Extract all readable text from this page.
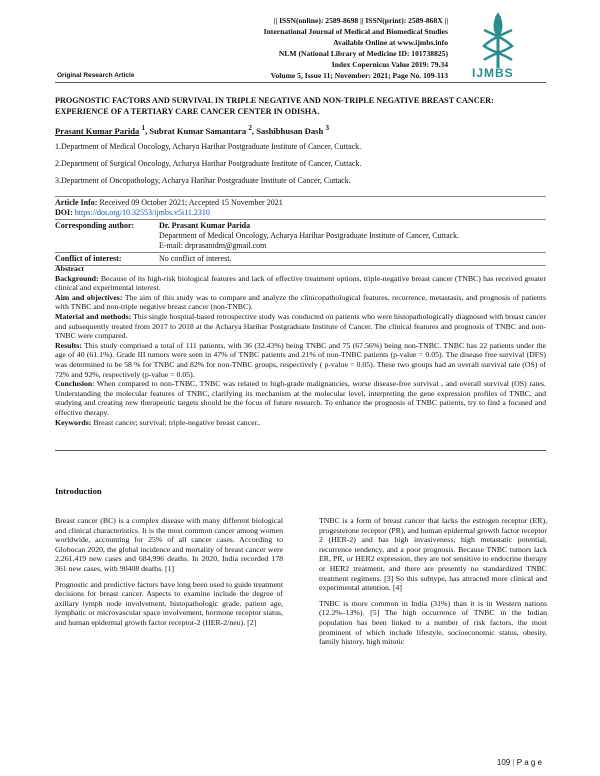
|| ISSN(online): 2589-8698 || ISSN(print): 2589-868X ||
International Journal of Medical and Biomedical Studies
Available Online at www.ijmbs.info
NLM (National Library of Medicine ID: 101738825)
Index Copernicus Value 2019: 79.34
Volume 5, Issue 11; November: 2021; Page No. 109-113 IJMBS
Original Research Article
PROGNOSTIC FACTORS AND SURVIVAL IN TRIPLE NEGATIVE AND NON-TRIPLE NEGATIVE BREAST CANCER: EXPERIENCE OF A TERTIARY CARE CANCER CENTER IN ODISHA.
Prasant Kumar Parida $^1$, Subrat Kumar Samantara $^2$, Sashibhusan Dash $^3$
1.Department of Medical Oncology, Acharya Harihar Postgraduate Institute of Cancer, Cuttack.
2.Department of Surgical Oncology, Acharya Harihar Postgraduate Institute of Cancer, Cuttack.
3.Department of Oncopathology, Acharya Harihar Postgraduate Institute of Cancer, Cuttack.
Article Info: Received 09 October 2021; Accepted 15 November 2021
DOI: https://doi.org/10.32553/ijmbs.v5i11.2310
Corresponding author:	Dr. Prasant Kumar Parida
Department of Medical Oncology, Acharya Harihar Postgraduate Institute of Cancer, Cuttack.
E-mail: drprasantdm@gmail.com
Conflict of interest:	No conflict of interest.

Abstract

Background: Because of its high-risk biological features and lack of effective treatment options, triple-negative breast cancer (TNBC) has received greater clinical and experimental interest.

Aim and objectives: The aim of this study was to compare and analyze the clinicopathological features, recurrence, metastasis, and prognosis of patients with TNBC and non-triple negative breast cancer (non-TNBC).

Material and methods: This single hospital-based retrospective study was conducted on patients who were histopathologically diagnosed with breast cancer and subsequently treated from 2017 to 2018 at the Acharya Harihar Postgraduate Institute of Cancer. The clinical features and prognosis of TNBC and non-TNBC were compared.

Results: This study comprised a total of 111 patients, with 36 (32.43%) being TNBC and 75 (67.56%) being non-TNBC. TNBC has 22 patients under the age of 40 (61.1%). Grade III tumors were seen in 47% of TNBC patients and 21% of non-TNBC patients (p-value = 0.05). The disease free survival (DFS) was determined to be 58 % for TNBC and 82% for non-TNBC groups, respectively ( p-value = 0.05). These two groups had an overall survival rate (OS) of 72% and 92%, respectively (p-value = 0.05).

Conclusion: When compared to non-TNBC, TNBC was related to high-grade malignancies, worse disease-free survival , and overall survival (OS) rates. Understanding the molecular features of TNBC, clarifying its mechanism at the molecular level, interpreting the gene expression profiles of TNBC, and studying and creating new therapeutic targets should be the focus of future research. To enhance the prognosis of TNBC patients, try to find a focused and effective therapy.

Keywords: Breast cancer; survival; triple-negative breast cancer..

Introduction

Breast cancer (BC) is a complex disease with many different biological and clinical characteristics. It is the most common cancer among women worldwide, accounting for 25% of all cancer cases. According to Globocan 2020, the global incidence and mortality of breast cancer were 2,261,419 new cases and 684,996 deaths. In 2020, India recorded 178 361 new cases, with 90408 deaths. [1]

Prognostic and predictive factors have long been used to guide treatment decisions for breast cancer. Aspects to examine include the degree of axillary lymph node involvement, histopathologic grade, patient age, lymphatic or microvascular space involvement, hormone receptor status, and human epidermal growth factor receptor-2 (HER-2/neu). [2]

TNBC is a form of breast cancer that lacks the estrogen receptor (ER), progesterone receptor (PR), and human epidermal growth factor receptor 2 (HER-2) and has high invasiveness, high metastatic potential, recurrence tendency, and a poor prognosis. Because TNBC tumors lack ER, PR, or HER2 expression, they are not sensitive to endocrine therapy or HER2 treatment, and there are presently no standardized TNBC treatment regimens. [3] So this subtype, has attracted more clinical and experimental attention. [4]

TNBC is more common in India (31%) than it is in Western nations (12.2%–13%). [5] The high occurrence of TNBC in the Indian population has been linked to a number of risk factors, the most prominent of which include lifestyle, socioeconomic status, obesity, family history, high mitotic

109 | P a g e
